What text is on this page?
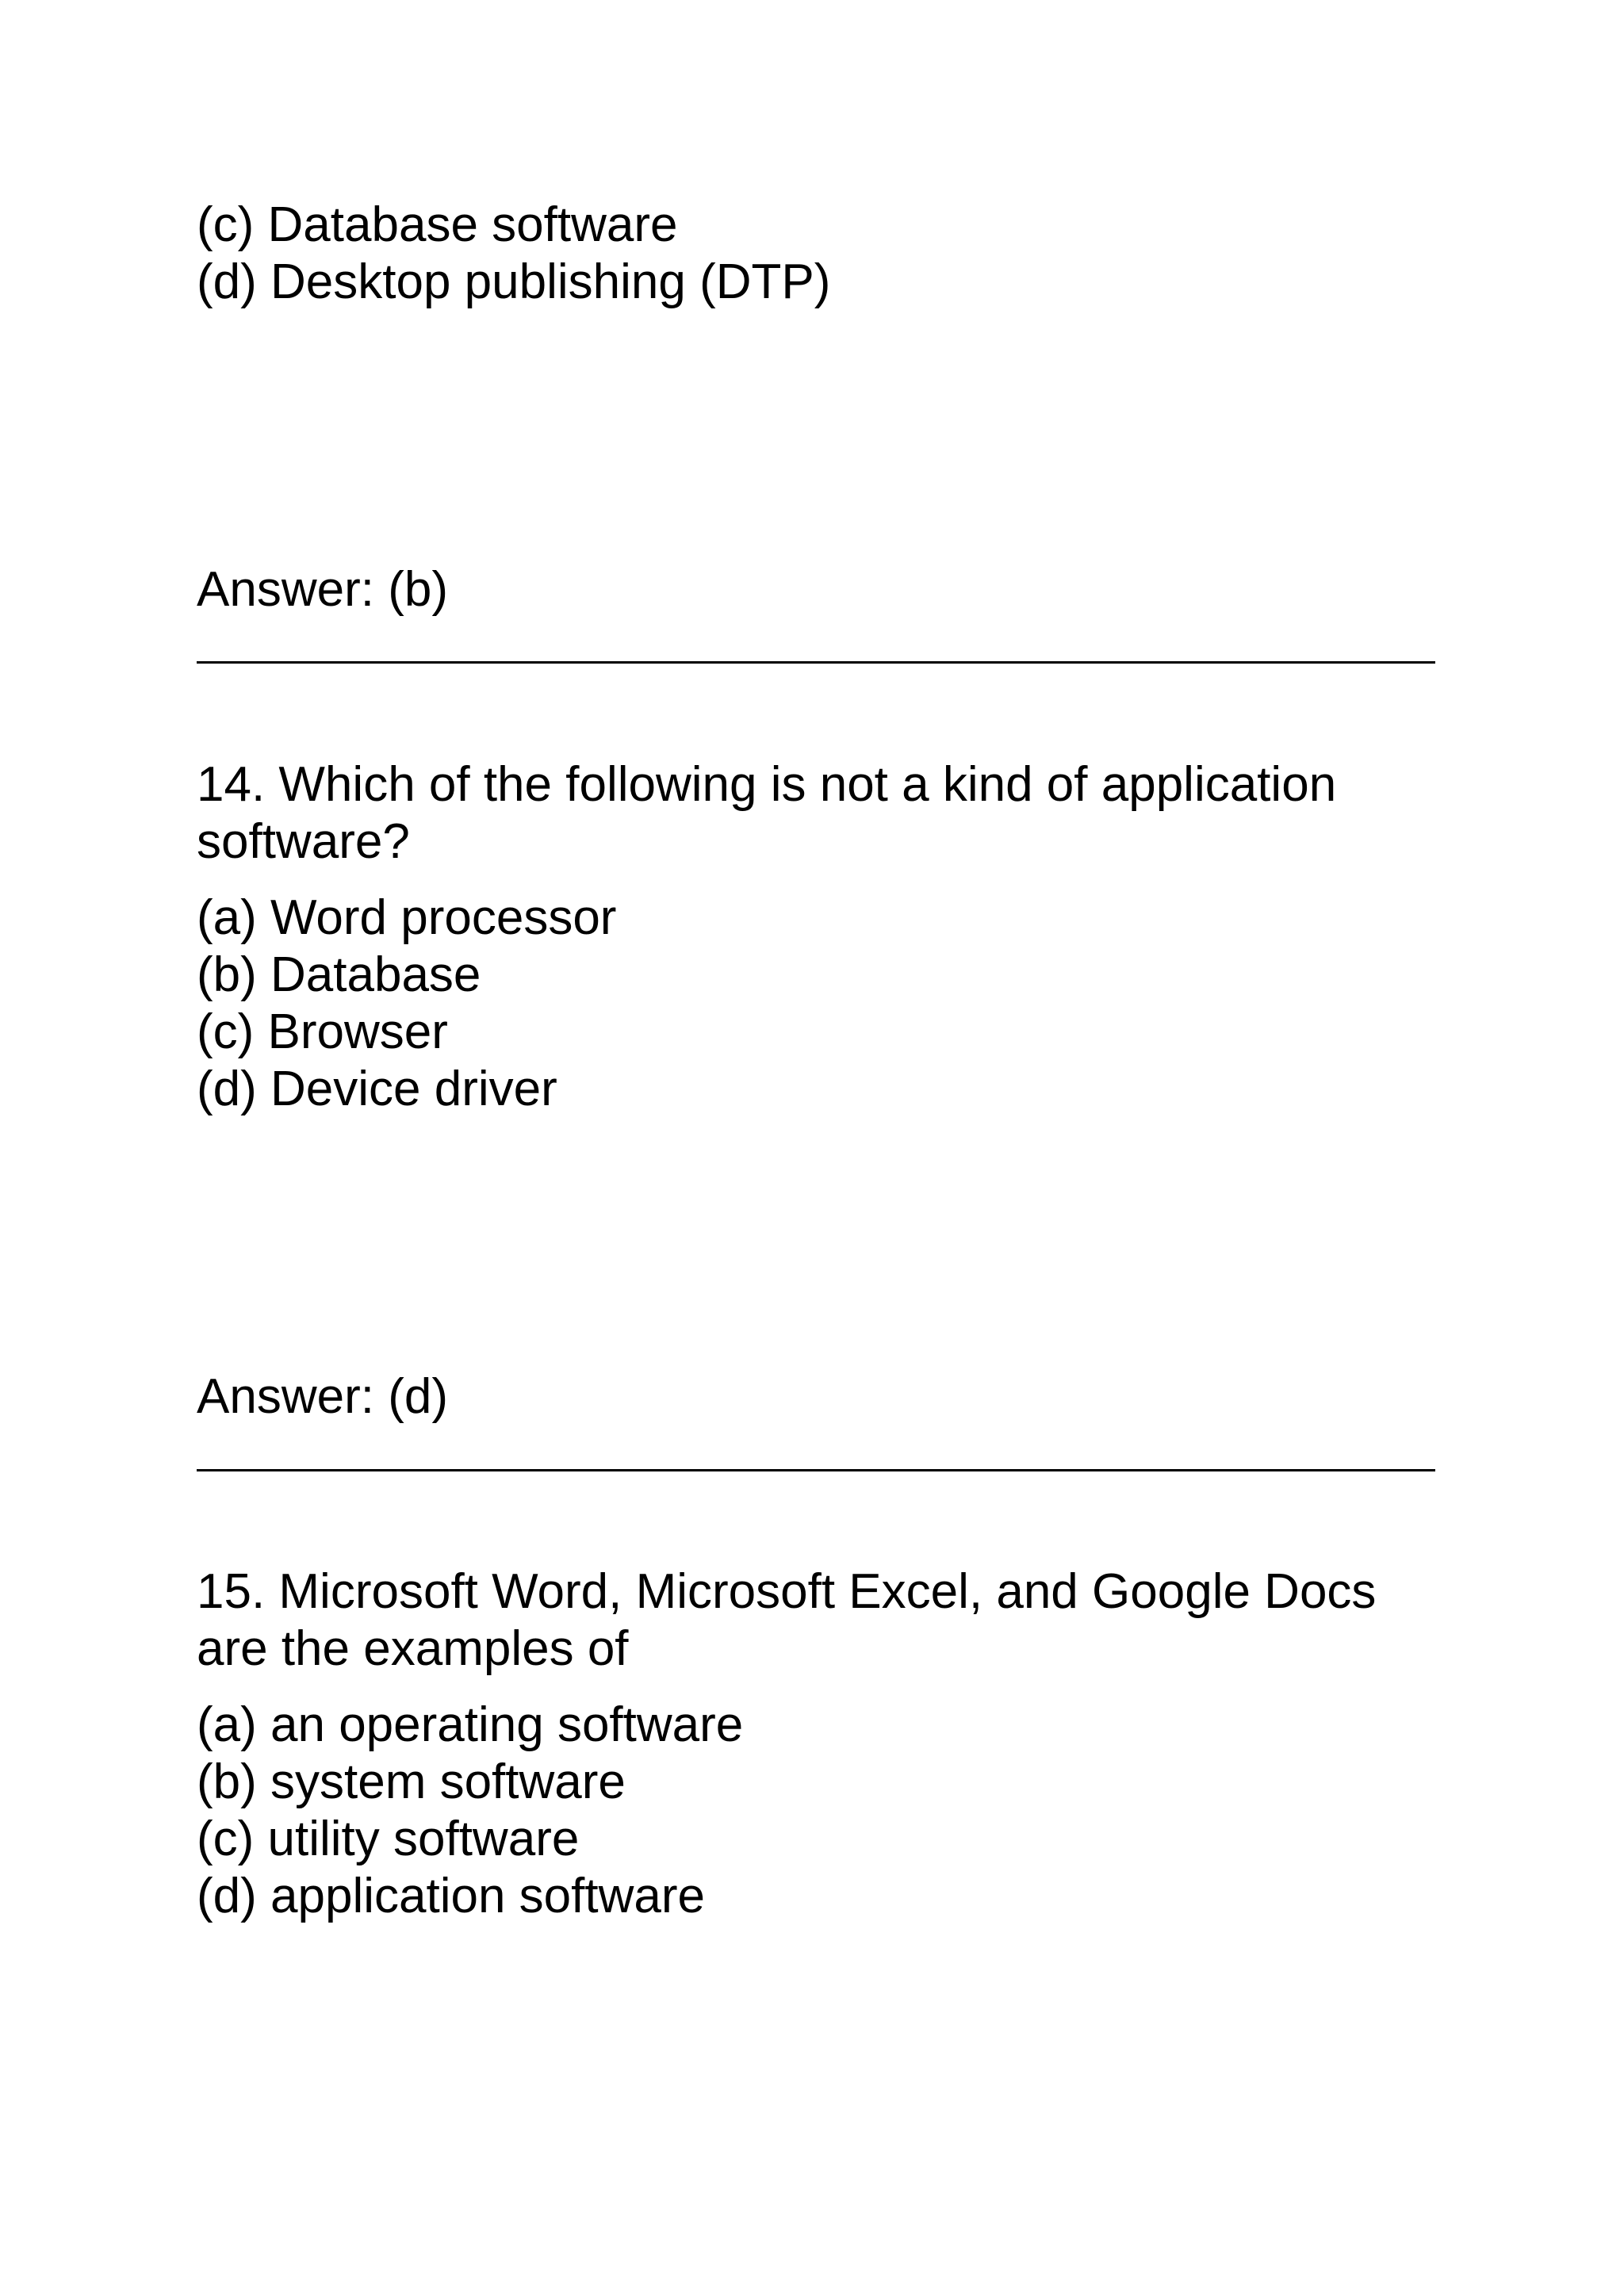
(c) Database software
(d) Desktop publishing (DTP)
Answer: (b)
14. Which of the following is not a kind of application
software?
(a) Word processor
(b) Database
(c) Browser
(d) Device driver
Answer: (d)
15. Microsoft Word, Microsoft Excel, and Google Docs
are the examples of
(a) an operating software
(b) system software
(c) utility software
(d) application software
